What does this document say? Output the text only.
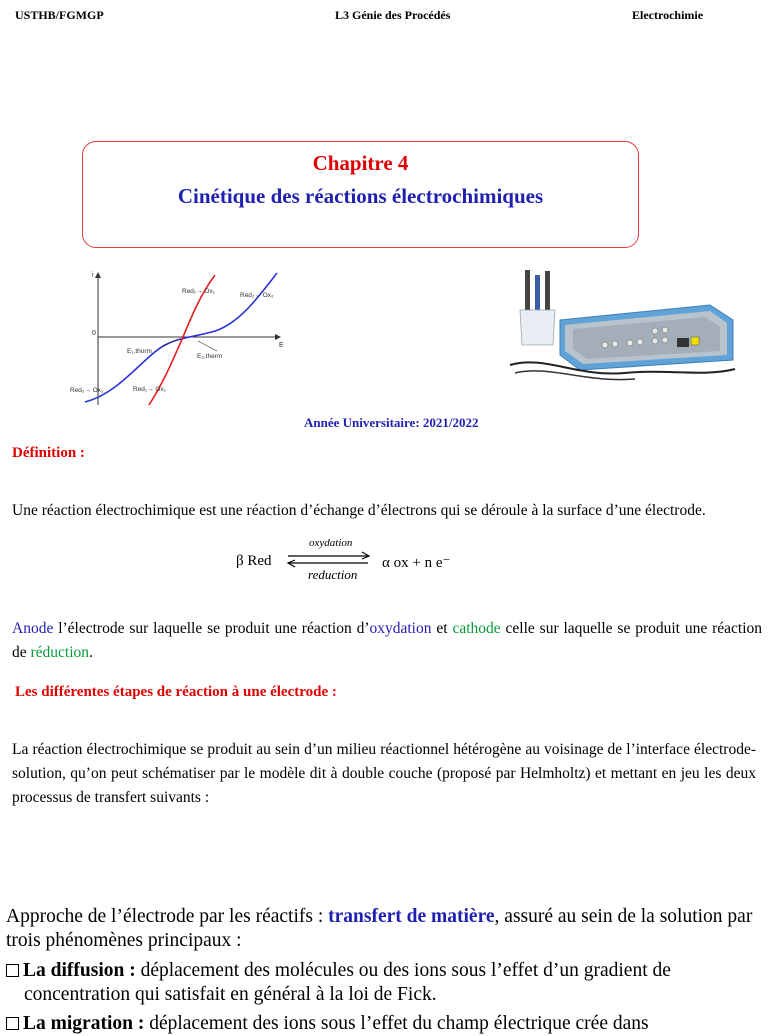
USTHB/FGMGP	L3 Génie des Procédés	Electrochimie
Chapitre 4
Cinétique des réactions électrochimiques
i
E
0
Red₁→ Ox₁
Red₂→ Ox₂
E₁,thorm
E₂,therm
Red₂→ Ox₂	Red₁→ Ox₁
Année Universitaire: 2021/2022
Définition :
Une réaction électrochimique est une réaction d’échange d’électrons qui se déroule à la surface d’une électrode.
β Red
oxydation
reduction
α ox + n e⁻
Anode l’électrode sur laquelle se produit une réaction d’oxydation et cathode celle sur laquelle se produit une réaction de réduction.
Les différentes étapes de réaction à une électrode :
La réaction électrochimique se produit au sein d’un milieu réactionnel hétérogène au voisinage de l’interface électrode-solution, qu’on peut schématiser par le modèle dit à double couche (proposé par Helmholtz) et mettant en jeu les deux processus de transfert suivants :
Approche de l’électrode par les réactifs : transfert de matière, assuré au sein de la solution par trois phénomènes principaux :
La diffusion : déplacement des molécules ou des ions sous l’effet d’un gradient de concentration qui satisfait en général à la loi de Fick.
La migration : déplacement des ions sous l’effet du champ électrique crée dans
